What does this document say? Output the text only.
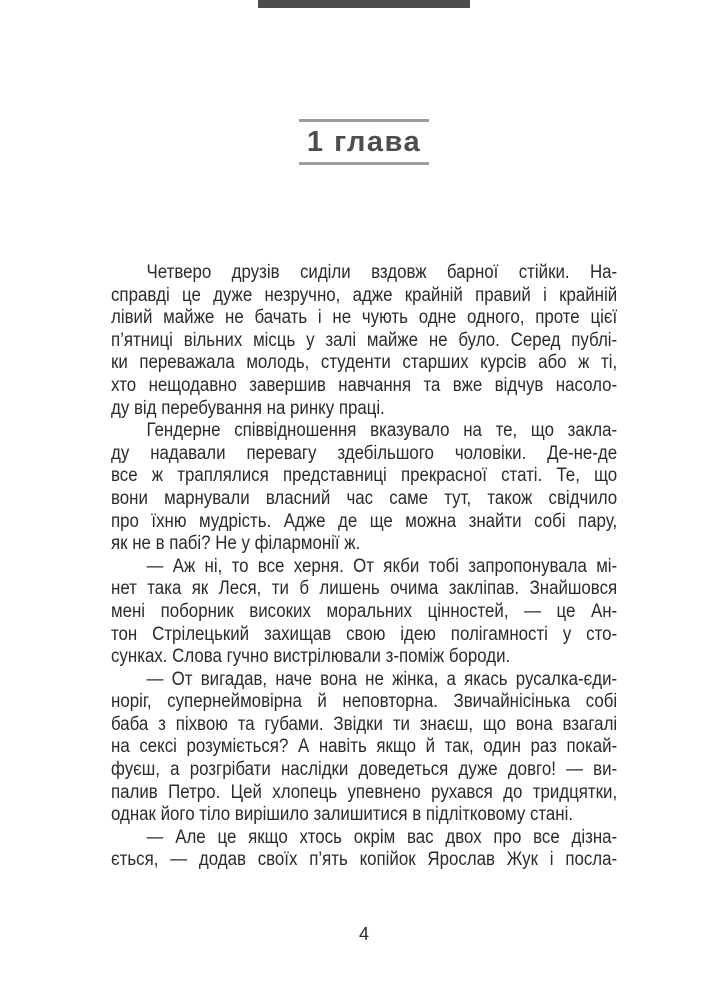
1 глава
Четверо друзів сиділи вздовж барної стійки. На-
справді це дуже незручно, адже крайній правий і крайній
лівий майже не бачать і не чують одне одного, проте цієї
п’ятниці вільних місць у залі майже не було. Серед публі-
ки переважала молодь, студенти старших курсів або ж ті,
хто нещодавно завершив навчання та вже відчув насоло-
ду від перебування на ринку праці.
Гендерне співвідношення вказувало на те, що закла-
ду надавали перевагу здебільшого чоловіки. Де-не-де
все ж траплялися представниці прекрасної статі. Те, що
вони марнували власний час саме тут, також свідчило
про їхню мудрість. Адже де ще можна знайти собі пару,
як не в пабі? Не у філармонії ж.
— Аж ні, то все херня. От якби тобі запропонувала мі-
нет така як Леся, ти б лишень очима закліпав. Знайшовся
мені поборник високих моральних цінностей, — це Ан-
тон Стрілецький захищав свою ідею полігамності у сто-
сунках. Слова гучно вистрілювали з-поміж бороди.
— От вигадав, наче вона не жінка, а якась русалка-єди-
норіг, супернеймовірна й неповторна. Звичайнісінька собі
баба з піхвою та губами. Звідки ти знаєш, що вона взагалі
на сексі розуміється? А навіть якщо й так, один раз покай-
фуєш, а розгрібати наслідки доведеться дуже довго! — ви-
палив Петро. Цей хлопець упевнено рухався до тридцятки,
однак його тіло вирішило залишитися в підлітковому стані.
— Але це якщо хтось окрім вас двох про все дізна-
ється, — додав своїх п’ять копійок Ярослав Жук і посла-
4
